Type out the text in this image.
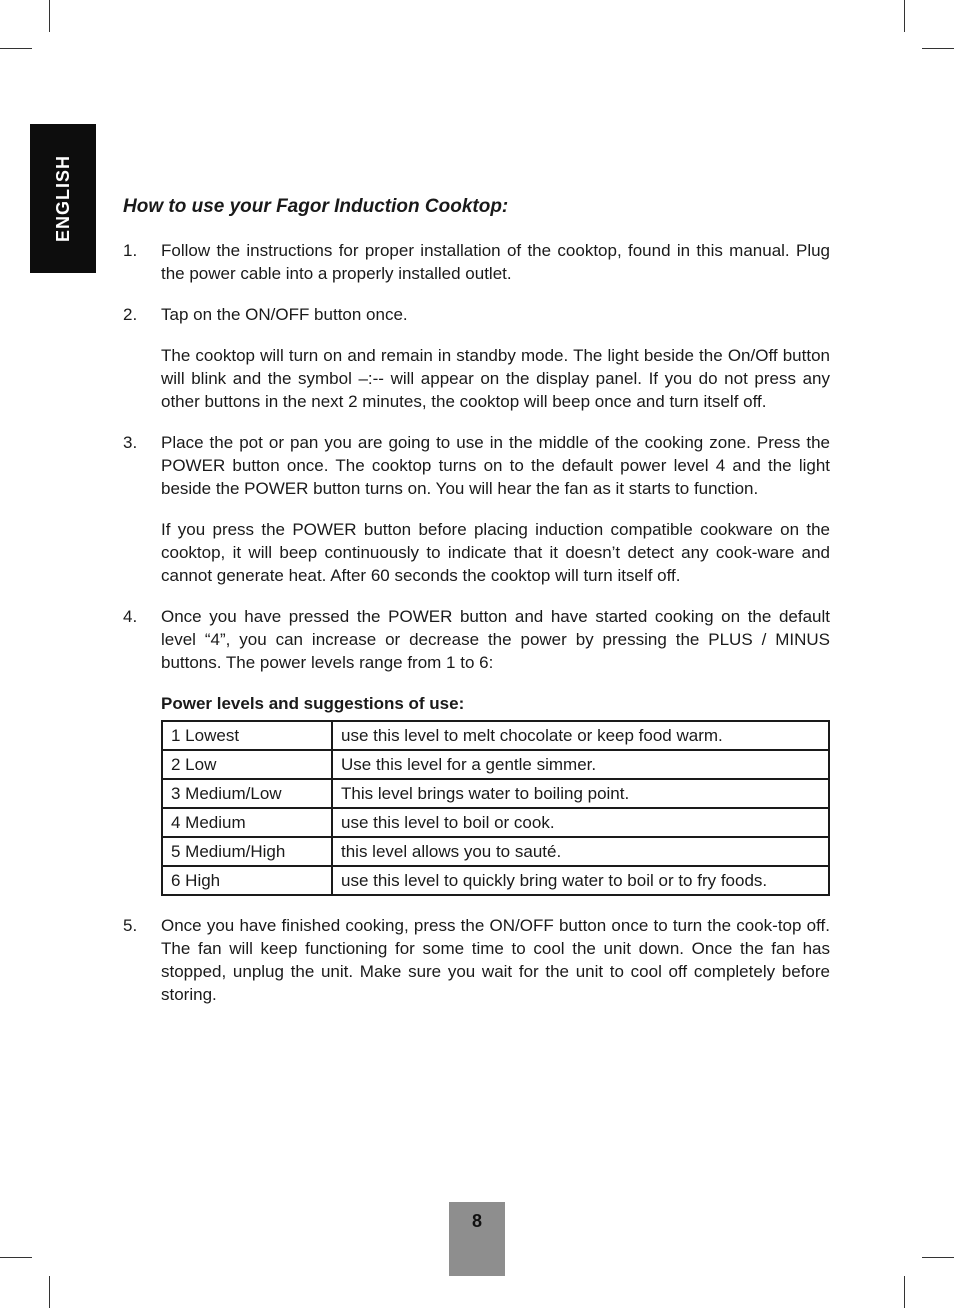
ENGLISH	How to use your Fagor Induction Cooktop:
1. Follow the instructions for proper installation of the cooktop, found in this manual. Plug the power cable into a properly installed outlet.

2. Tap on the ON/OFF button once.

The cooktop will turn on and remain in standby mode. The light beside the On/Off button will blink and the symbol –:-- will appear on the display panel. If you do not press any other buttons in the next 2 minutes, the cooktop will beep once and turn itself off.

3. Place the pot or pan you are going to use in the middle of the cooking zone. Press the POWER button once. The cooktop turns on to the default power level 4 and the light beside the POWER button turns on. You will hear the fan as it starts to function.

If you press the POWER button before placing induction compatible cookware on the cooktop, it will beep continuously to indicate that it doesn’t detect any cook-ware and cannot generate heat. After 60 seconds the cooktop will turn itself off.

4. Once you have pressed the POWER button and have started cooking on the default level “4”, you can increase or decrease the power by pressing the PLUS / MINUS buttons. The power levels range from 1 to 6:

Power levels and suggestions of use:
1 Lowest	use this level to melt chocolate or keep food warm.
2 Low	Use this level for a gentle simmer.
3 Medium/Low	This level brings water to boiling point.
4 Medium	use this level to boil or cook.
5 Medium/High	this level allows you to sauté.
6 High	use this level to quickly bring water to boil or to fry foods.
5. Once you have finished cooking, press the ON/OFF button once to turn the cook-top off. The fan will keep functioning for some time to cool the unit down. Once the fan has stopped, unplug the unit. Make sure you wait for the unit to cool off completely before storing.

8
